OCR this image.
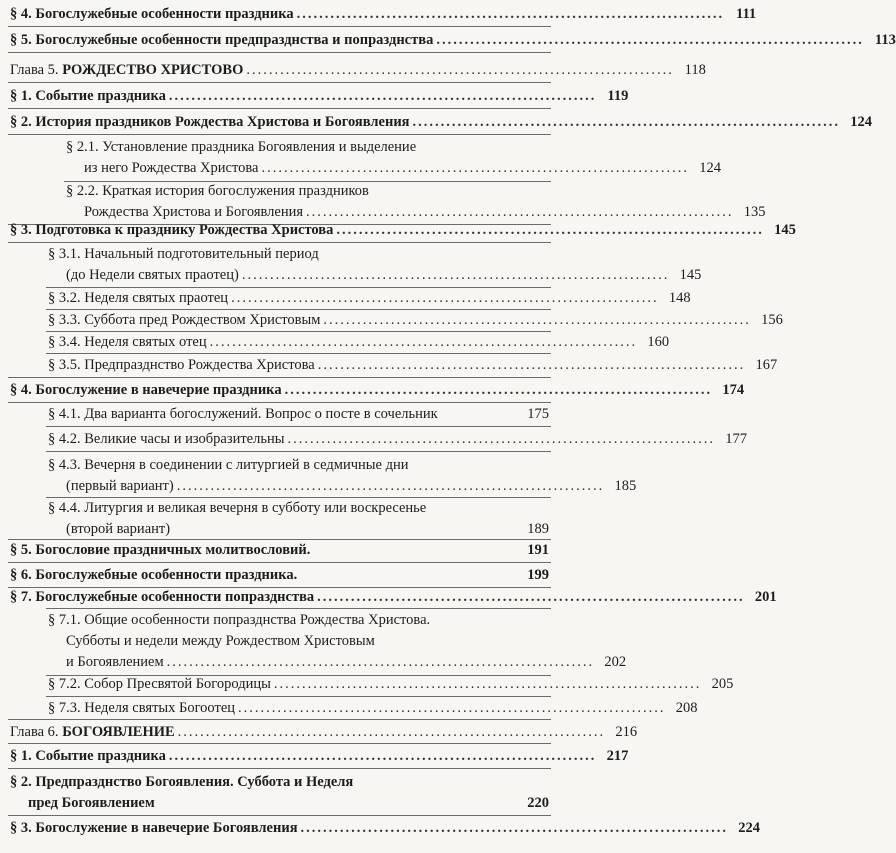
§ 4. Богослужебные особенности праздника ............................................................................ 111
§ 5. Богослужебные особенности предпразднства и попразднства ............................................................................ 113
Глава 5. РОЖДЕСТВО ХРИСТОВО ............................................................................ 118
§ 1. Событие праздника ............................................................................ 119
§ 2. История праздников Рождества Христова и Богоявления ............................................................................ 124
§ 2.1. Установление праздника Богоявления и выделение
из него Рождества Христова ............................................................................ 124
§ 2.2. Краткая история богослужения праздников
Рождества Христова и Богоявления ............................................................................ 135
§ 3. Подготовка к празднику Рождества Христова ............................................................................ 145
§ 3.1. Начальный подготовительный период
(до Недели святых праотец) ............................................................................ 145
§ 3.2. Неделя святых праотец ............................................................................ 148
§ 3.3. Суббота пред Рождеством Христовым ............................................................................ 156
§ 3.4. Неделя святых отец ............................................................................ 160
§ 3.5. Предпразднство Рождества Христова ............................................................................ 167
§ 4. Богослужение в навечерие праздника ............................................................................ 174
§ 4.1. Два варианта богослужений. Вопрос о посте в сочельник	175
§ 4.2. Великие часы и изобразительны ............................................................................ 177
§ 4.3. Вечерня в соединении с литургией в седмичные дни
(первый вариант) ............................................................................ 185
§ 4.4. Литургия и великая вечерня в субботу или воскресенье
(второй вариант)	189
§ 5. Богословие праздничных молитвословий.	191
§ 6. Богослужебные особенности праздника.	199
§ 7. Богослужебные особенности попразднства ............................................................................ 201
§ 7.1. Общие особенности попразднства Рождества Христова.
Субботы и недели между Рождеством Христовым
и Богоявлением ............................................................................ 202
§ 7.2. Собор Пресвятой Богородицы ............................................................................ 205
§ 7.3. Неделя святых Богоотец ............................................................................ 208
Глава 6. БОГОЯВЛЕНИЕ ............................................................................ 216
§ 1. Событие праздника ............................................................................ 217
§ 2. Предпразднство Богоявления. Суббота и Неделя
пред Богоявлением	220
§ 3. Богослужение в навечерие Богоявления ............................................................................ 224
